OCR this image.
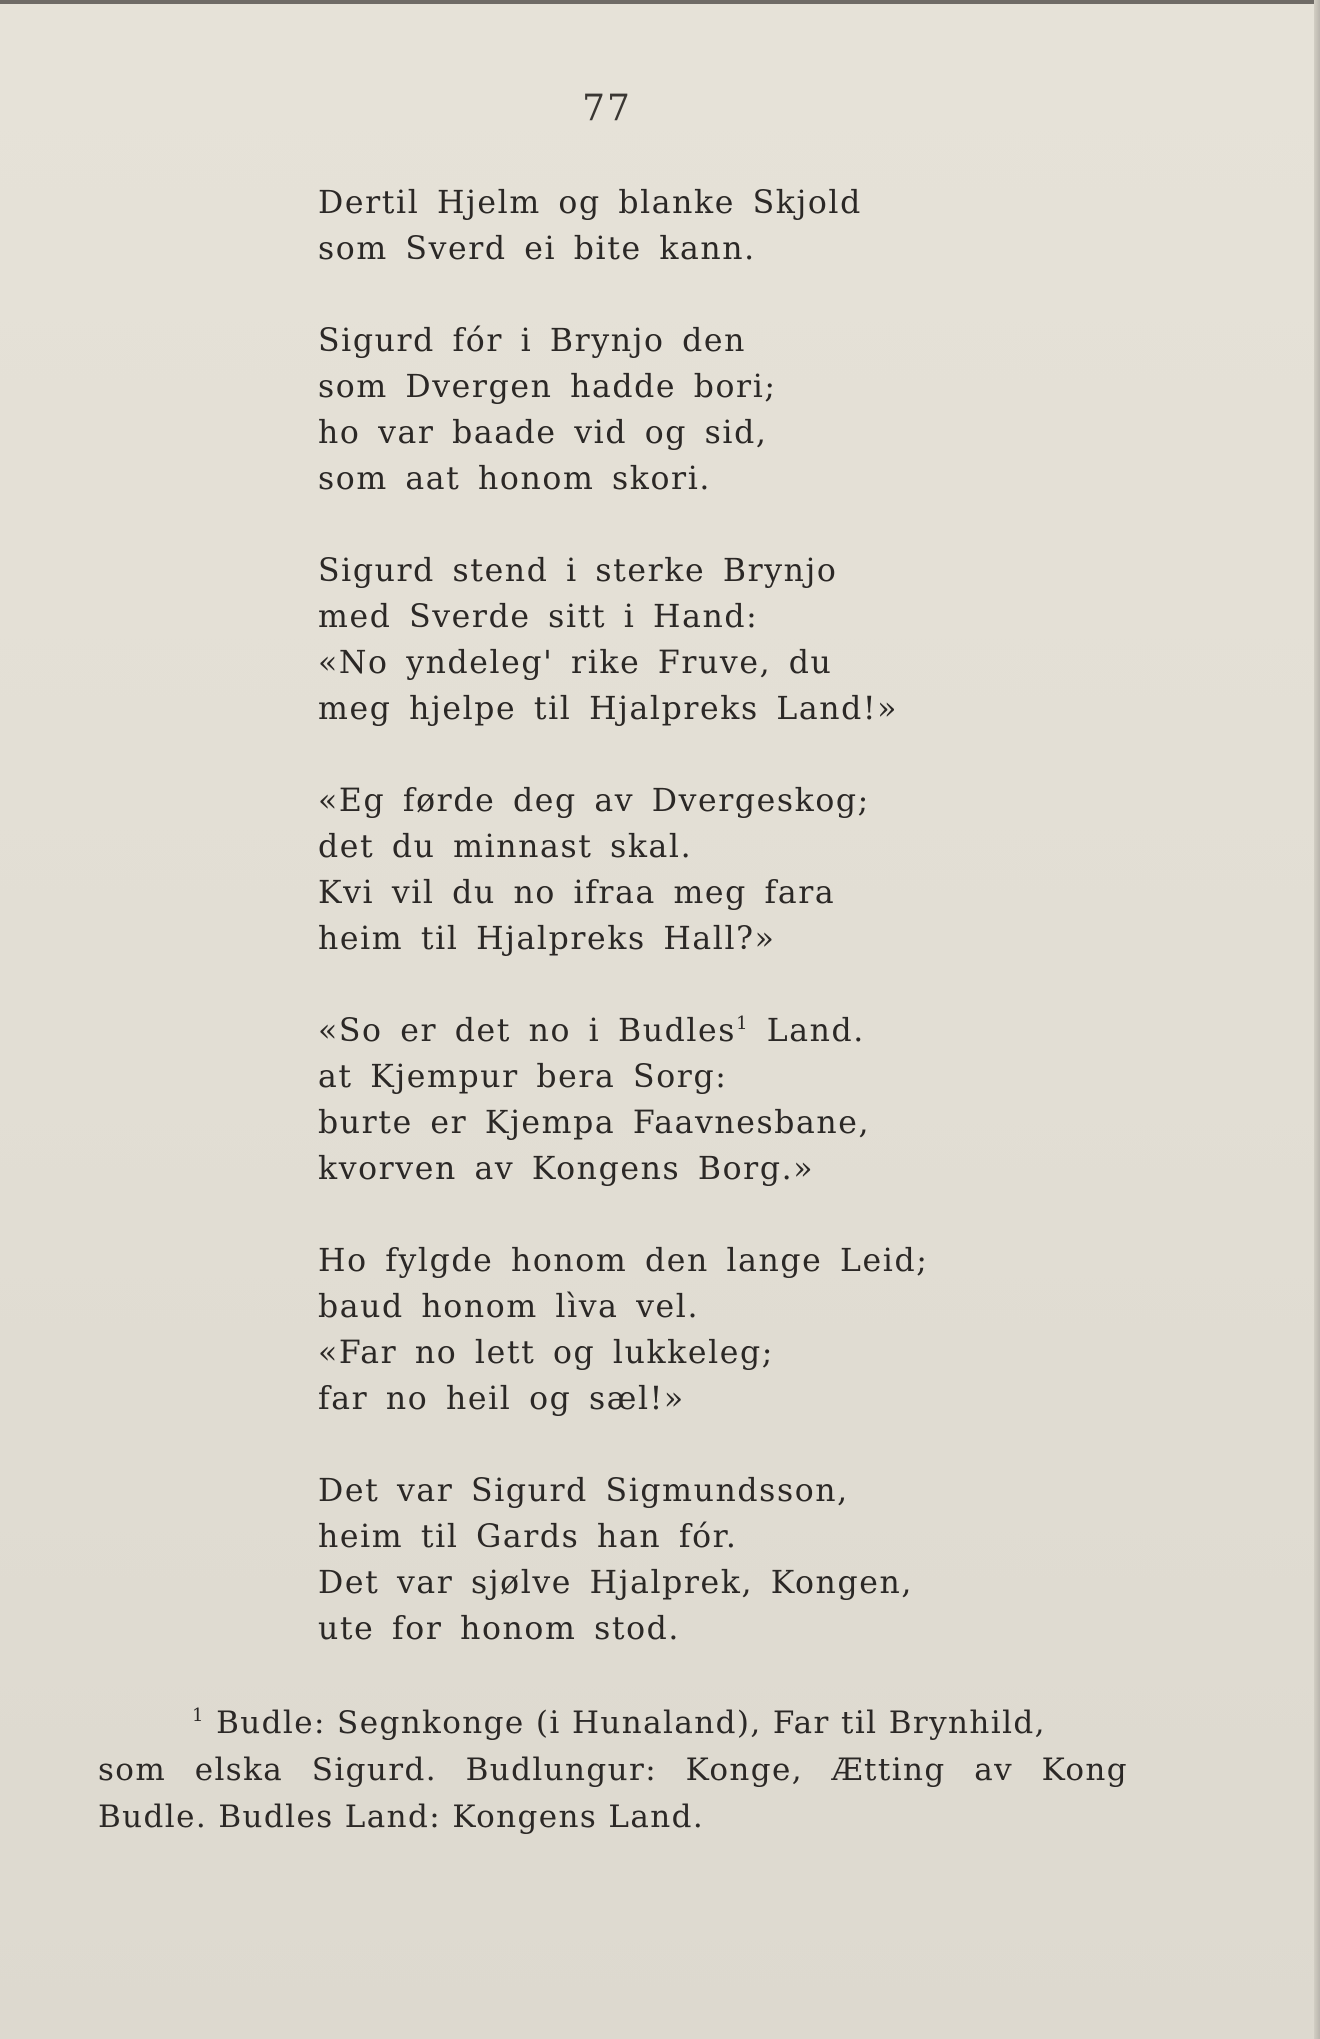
77
Dertil Hjelm og blanke Skjold
som Sverd ei bite kann.
Sigurd fór i Brynjo den
som Dvergen hadde bori;
ho var baade vid og sid,
som aat honom skori.
Sigurd stend i sterke Brynjo
med Sverde sitt i Hand:
«No yndeleg' rike Fruve, du
meg hjelpe til Hjalpreks Land!»
«Eg førde deg av Dvergeskog;
det du minnast skal.
Kvi vil du no ifraa meg fara
heim til Hjalpreks Hall?»
«So er det no i Budles$^1$ Land.
at Kjempur bera Sorg:
burte er Kjempa Faavnesbane,
kvorven av Kongens Borg.»
Ho fylgde honom den lange Leid;
baud honom lìva vel.
«Far no lett og lukkeleg;
far no heil og sæl!»
Det var Sigurd Sigmundsson,
heim til Gards han fór.
Det var sjølve Hjalprek, Kongen,
ute for honom stod.
$^1$ Budle: Segnkonge (i Hunaland), Far til Brynhild,
som elska Sigurd. Budlungur: Konge, Ætting av Kong
Budle. Budles Land: Kongens Land.
